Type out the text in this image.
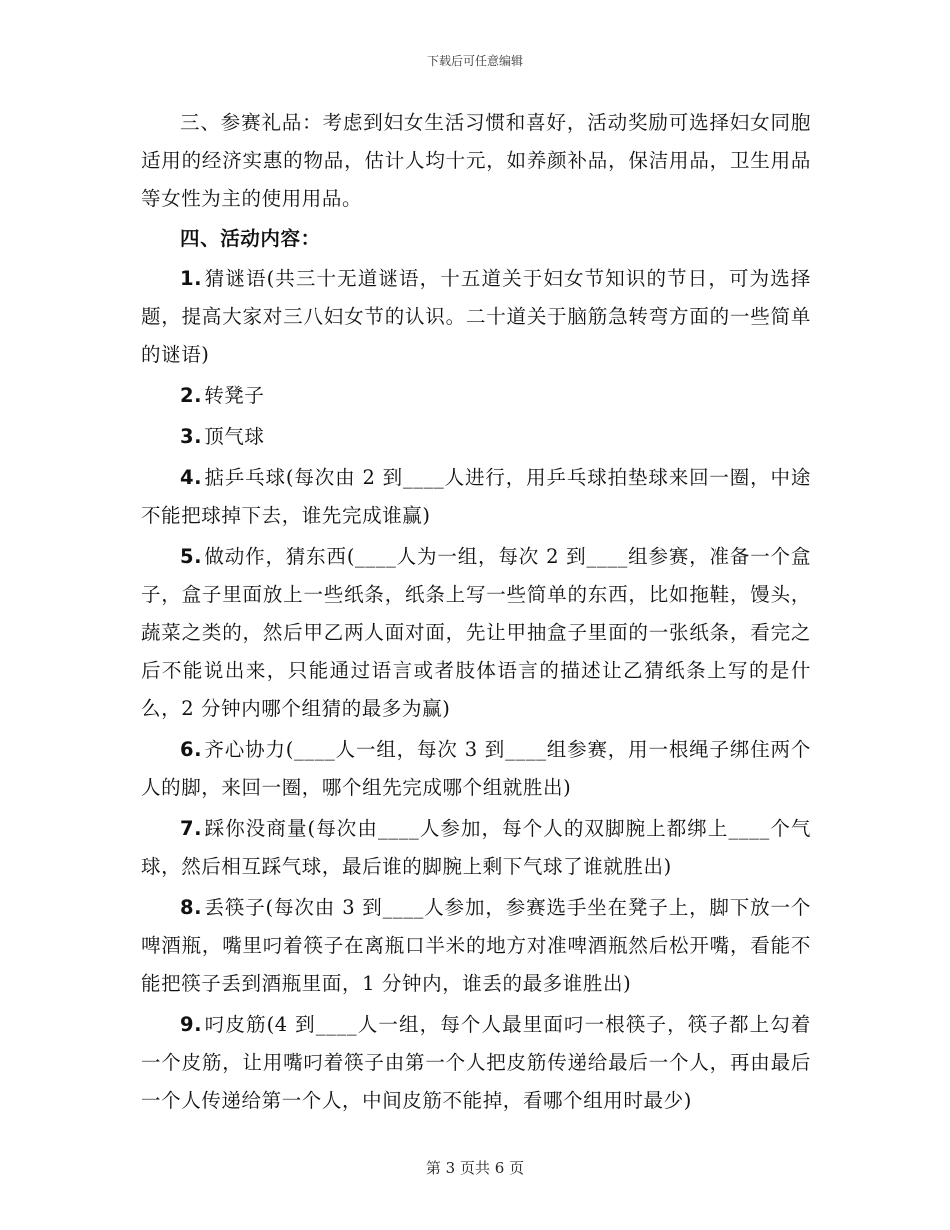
下载后可任意编辑

三、参赛礼品：考虑到妇女生活习惯和喜好，活动奖励可选择妇女同胞适用的经济实惠的物品，估计人均十元，如养颜补品，保洁用品，卫生用品等女性为主的使用用品。

四、活动内容：

1. 猜谜语(共三十无道谜语，十五道关于妇女节知识的节日，可为选择题，提高大家对三八妇女节的认识。二十道关于脑筋急转弯方面的一些简单的谜语)

2. 转凳子

3. 顶气球

4. 掂乒乓球(每次由 2 到____人进行，用乒乓球拍垫球来回一圈，中途不能把球掉下去，谁先完成谁赢)

5. 做动作，猜东西(____人为一组，每次 2 到____组参赛，准备一个盒子，盒子里面放上一些纸条，纸条上写一些简单的东西，比如拖鞋，馒头，蔬菜之类的，然后甲乙两人面对面，先让甲抽盒子里面的一张纸条，看完之后不能说出来，只能通过语言或者肢体语言的描述让乙猜纸条上写的是什么，2 分钟内哪个组猜的最多为赢)

6. 齐心协力(____人一组，每次 3 到____组参赛，用一根绳子绑住两个人的脚，来回一圈，哪个组先完成哪个组就胜出)

7. 踩你没商量(每次由____人参加，每个人的双脚腕上都绑上____个气球，然后相互踩气球，最后谁的脚腕上剩下气球了谁就胜出)

8. 丢筷子(每次由 3 到____人参加，参赛选手坐在凳子上，脚下放一个啤酒瓶，嘴里叼着筷子在离瓶口半米的地方对准啤酒瓶然后松开嘴，看能不能把筷子丢到酒瓶里面，1 分钟内，谁丢的最多谁胜出)

9. 叼皮筋(4 到____人一组，每个人最里面叼一根筷子，筷子都上勾着一个皮筋，让用嘴叼着筷子由第一个人把皮筋传递给最后一个人，再由最后一个人传递给第一个人，中间皮筋不能掉，看哪个组用时最少)

第 3 页共 6 页
